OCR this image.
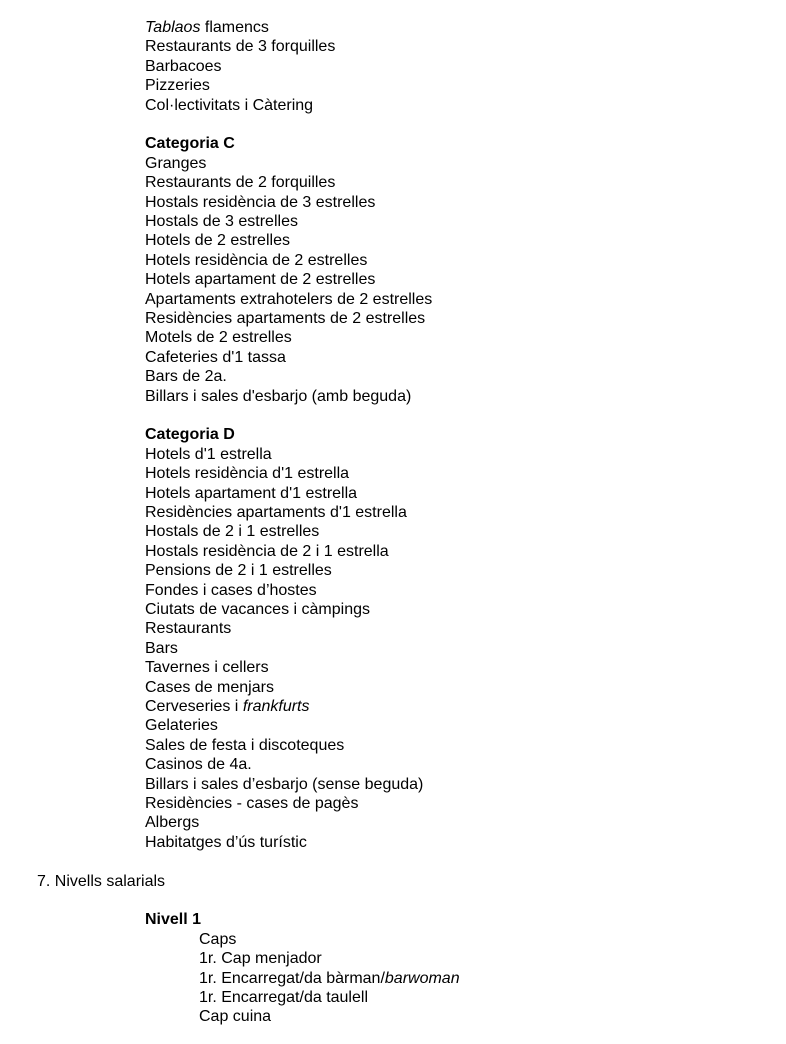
Tablaos flamencs
Restaurants de 3 forquilles
Barbacoes
Pizzeries
Col·lectivitats i Càtering
Categoria C
Granges
Restaurants de 2 forquilles
Hostals residència de 3 estrelles
Hostals de 3 estrelles
Hotels de 2 estrelles
Hotels residència de 2 estrelles
Hotels apartament de 2 estrelles
Apartaments extrahotelers de 2 estrelles
Residències apartaments de 2 estrelles
Motels de 2 estrelles
Cafeteries d'1 tassa
Bars de 2a.
Billars i sales d'esbarjo (amb beguda)
Categoria D
Hotels d'1 estrella
Hotels residència d'1 estrella
Hotels apartament d'1 estrella
Residències apartaments d'1 estrella
Hostals de 2 i 1 estrelles
Hostals residència de 2 i 1 estrella
Pensions de 2 i 1 estrelles
Fondes i cases d’hostes
Ciutats de vacances i càmpings
Restaurants
Bars
Tavernes i cellers
Cases de menjars
Cerveseries i frankfurts
Gelateries
Sales de festa i discoteques
Casinos de 4a.
Billars i sales d’esbarjo (sense beguda)
Residències - cases de pagès
Albergs
Habitatges d’ús turístic
7. Nivells salarials
Nivell 1
Caps
1r. Cap menjador
1r. Encarregat/da bàrman/barwoman
1r. Encarregat/da taulell
Cap cuina
